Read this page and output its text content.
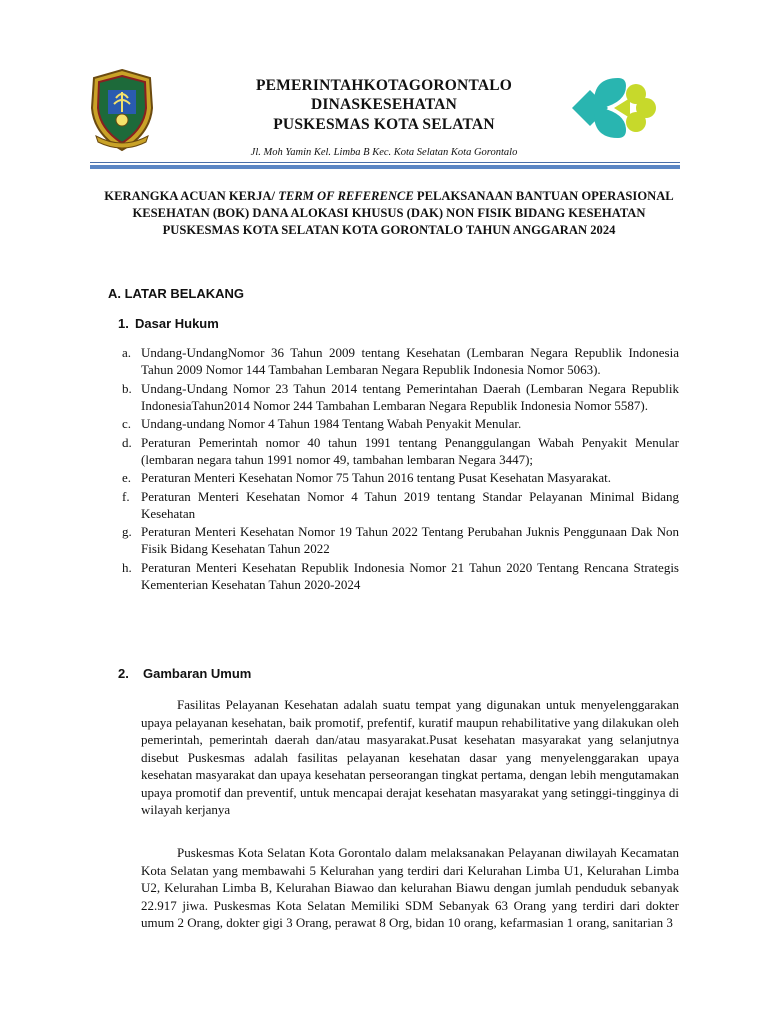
PEMERINTAHKOTAGORONTALO
DINASKESEHATAN
PUSKESMAS KOTA SELATAN
Jl. Moh Yamin Kel. Limba B Kec. Kota Selatan Kota Gorontalo
KERANGKA ACUAN KERJA/ TERM OF REFERENCE PELAKSANAAN BANTUAN OPERASIONAL KESEHATAN (BOK) DANA ALOKASI KHUSUS (DAK) NON FISIK BIDANG KESEHATAN PUSKESMAS KOTA SELATAN KOTA GORONTALO TAHUN ANGGARAN 2024
A. LATAR BELAKANG
1. Dasar Hukum
a. Undang-UndangNomor 36 Tahun 2009 tentang Kesehatan (Lembaran Negara Republik Indonesia Tahun 2009 Nomor 144 Tambahan Lembaran Negara Republik Indonesia Nomor 5063).
b. Undang-Undang Nomor 23 Tahun 2014 tentang Pemerintahan Daerah (Lembaran Negara Republik IndonesiaTahun2014 Nomor 244 Tambahan Lembaran Negara Republik Indonesia Nomor 5587).
c. Undang-undang Nomor 4 Tahun 1984 Tentang Wabah Penyakit Menular.
d. Peraturan Pemerintah nomor 40 tahun 1991 tentang Penanggulangan Wabah Penyakit Menular (lembaran negara tahun 1991 nomor 49, tambahan lembaran Negara 3447);
e. Peraturan Menteri Kesehatan Nomor 75 Tahun 2016 tentang Pusat Kesehatan Masyarakat.
f. Peraturan Menteri Kesehatan Nomor 4 Tahun 2019 tentang Standar Pelayanan Minimal Bidang Kesehatan
g. Peraturan Menteri Kesehatan Nomor 19 Tahun 2022 Tentang Perubahan Juknis Penggunaan Dak Non Fisik Bidang Kesehatan Tahun 2022
h. Peraturan Menteri Kesehatan Republik Indonesia Nomor 21 Tahun 2020 Tentang Rencana Strategis Kementerian Kesehatan Tahun 2020-2024
2. Gambaran Umum

Fasilitas Pelayanan Kesehatan adalah suatu tempat yang digunakan untuk menyelenggarakan upaya pelayanan kesehatan, baik promotif, prefentif, kuratif maupun rehabilitative yang dilakukan oleh pemerintah, pemerintah daerah dan/atau masyarakat.Pusat kesehatan masyarakat yang selanjutnya disebut Puskesmas adalah fasilitas pelayanan kesehatan dasar yang menyelenggarakan upaya kesehatan masyarakat dan upaya kesehatan perseorangan tingkat pertama, dengan lebih mengutamakan upaya promotif dan preventif, untuk mencapai derajat kesehatan masyarakat yang setinggi-tingginya di wilayah kerjanya

Puskesmas Kota Selatan Kota Gorontalo dalam melaksanakan Pelayanan diwilayah Kecamatan Kota Selatan yang membawahi 5 Kelurahan yang terdiri dari Kelurahan Limba U1, Kelurahan Limba U2, Kelurahan Limba B, Kelurahan Biawao dan kelurahan Biawu dengan jumlah penduduk sebanyak 22.917 jiwa. Puskesmas Kota Selatan Memiliki SDM Sebanyak 63 Orang yang terdiri dari dokter umum 2 Orang, dokter gigi 3 Orang, perawat 8 Org, bidan 10 orang, kefarmasian 1 orang, sanitarian 3
